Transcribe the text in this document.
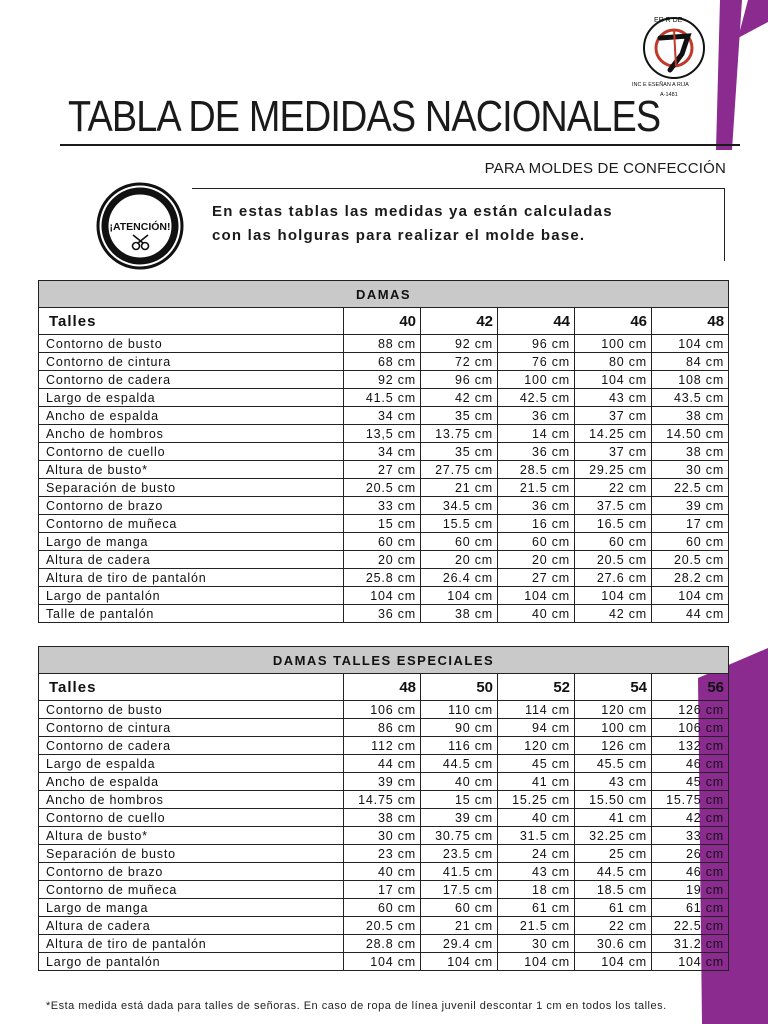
ER R DE
INC E ESEÑAN A RIJA
A-1481
TABLA DE MEDIDAS NACIONALES
PARA MOLDES DE CONFECCIÓN
¡ATENCIÓN!
En estas tablas las medidas ya están calculadas
con las holguras para realizar el molde base.
DAMAS					
Talles	40	42	44	46	48
Contorno de busto	88 cm	92 cm	96 cm	100 cm	104 cm
Contorno de cintura	68 cm	72 cm	76 cm	80 cm	84 cm
Contorno de cadera	92 cm	96 cm	100 cm	104 cm	108 cm
Largo de espalda	41.5 cm	42 cm	42.5 cm	43 cm	43.5 cm
Ancho de espalda	34 cm	35 cm	36 cm	37 cm	38 cm
Ancho de hombros	13,5 cm	13.75 cm	14 cm	14.25 cm	14.50 cm
Contorno de cuello	34 cm	35 cm	36 cm	37 cm	38 cm
Altura de busto*	27 cm	27.75 cm	28.5 cm	29.25 cm	30 cm
Separación de busto	20.5 cm	21 cm	21.5 cm	22 cm	22.5 cm
Contorno de brazo	33 cm	34.5 cm	36 cm	37.5 cm	39 cm
Contorno de muñeca	15 cm	15.5 cm	16 cm	16.5 cm	17 cm
Largo de manga	60 cm	60 cm	60 cm	60 cm	60 cm
Altura de cadera	20 cm	20 cm	20 cm	20.5 cm	20.5 cm
Altura de tiro de pantalón	25.8 cm	26.4 cm	27 cm	27.6 cm	28.2 cm
Largo de pantalón	104 cm	104 cm	104 cm	104 cm	104 cm
Talle de pantalón	36 cm	38 cm	40 cm	42 cm	44 cm
DAMAS TALLES ESPECIALES					
Talles	48	50	52	54	56
Contorno de busto	106 cm	110 cm	114 cm	120 cm	126 cm
Contorno de cintura	86 cm	90 cm	94 cm	100 cm	106 cm
Contorno de cadera	112 cm	116 cm	120 cm	126 cm	132 cm
Largo de espalda	44 cm	44.5 cm	45 cm	45.5 cm	46 cm
Ancho de espalda	39 cm	40 cm	41 cm	43 cm	45 cm
Ancho de hombros	14.75 cm	15 cm	15.25 cm	15.50 cm	15.75 cm
Contorno de cuello	38 cm	39 cm	40 cm	41 cm	42 cm
Altura de busto*	30 cm	30.75 cm	31.5 cm	32.25 cm	33 cm
Separación de busto	23 cm	23.5 cm	24 cm	25 cm	26 cm
Contorno de brazo	40 cm	41.5 cm	43 cm	44.5 cm	46 cm
Contorno de muñeca	17 cm	17.5 cm	18 cm	18.5 cm	19 cm
Largo de manga	60 cm	60 cm	61 cm	61 cm	61 cm
Altura de cadera	20.5 cm	21 cm	21.5 cm	22 cm	22.5 cm
Altura de tiro de pantalón	28.8 cm	29.4 cm	30 cm	30.6 cm	31.2 cm
Largo de pantalón	104 cm	104 cm	104 cm	104 cm	104 cm
*Esta medida está dada para talles de señoras. En caso de ropa de línea juvenil descontar 1 cm en todos los talles.
